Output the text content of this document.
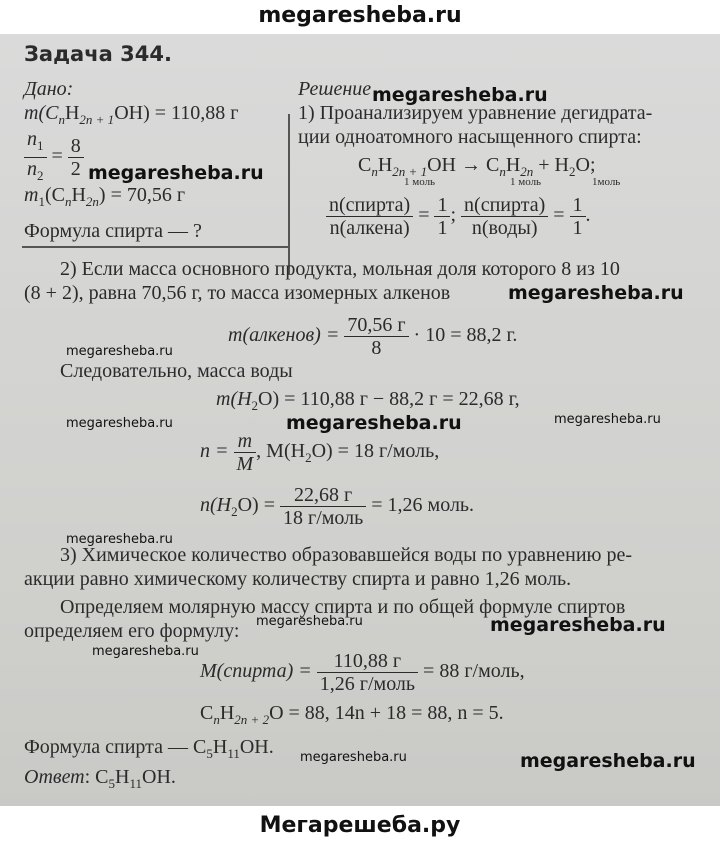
megaresheba.ru
Задача 344.
Дано:
$m(C_nH_{2n + 1}OH) = 110,88$ г
$\frac{n_1}{n_2} = \frac{8}{2}$
$m_1(C_nH_{2n}) = 70,56$ г
Формула спирта — ?
Решение
1) Проанализируем уравнение дегидрата-
ции одноатомного насыщенного спирта:
$C_nH_{2n + 1}OH \to C_nH_{2n} + H_2O$;
1 моль	1 моль	1моль
$\frac{\text{n(спирта)}}{\text{n(алкена)}} = \frac{1}{1}$ ; $\frac{\text{n(спирта)}}{\text{n(воды)}} = \frac{1}{1}$ .
2) Если масса основного продукта, мольная доля которого 8 из 10
(8 + 2), равна 70,56 г, то масса изомерных алкенов
m(алкенов) = $\frac{70,56 г}{8} \cdot 10 = 88,2$ г.
Следовательно, масса воды
$m(H_2O) = 110,88$ г − 88,2 г = 22,68 г,
$n = \frac{m}{M}$ , $M(H_2O) = 18$ г/моль,
$n(H_2O) = \frac{22,68 г}{\text{18 г/моль}} = 1,26$ моль.
3) Химическое количество образовавшейся воды по уравнению ре-
акции равно химическому количеству спирта и равно 1,26 моль.
Определяем молярную массу спирта и по общей формуле спиртов
определяем его формулу:
M(спирта) = $\frac{110,88 г}{\text{1,26 г/моль}} = 88$ г/моль,
$C_nH_{2n + 2}O = 88$, 14n + 18 = 88, n = 5.
Формула спирта — $C_5H_{11}OH$.
Ответ: $C_5H_{11}OH$.
megaresheba.ru
megaresheba.ru
megaresheba.ru
megaresheba.ru
megaresheba.ru	megaresheba.ru
megaresheba.ru
megaresheba.ru
megaresheba.ru	megaresheba.ru
megaresheba.ru
megaresheba.ru	megaresheba.ru
Мегарешеба.ру
